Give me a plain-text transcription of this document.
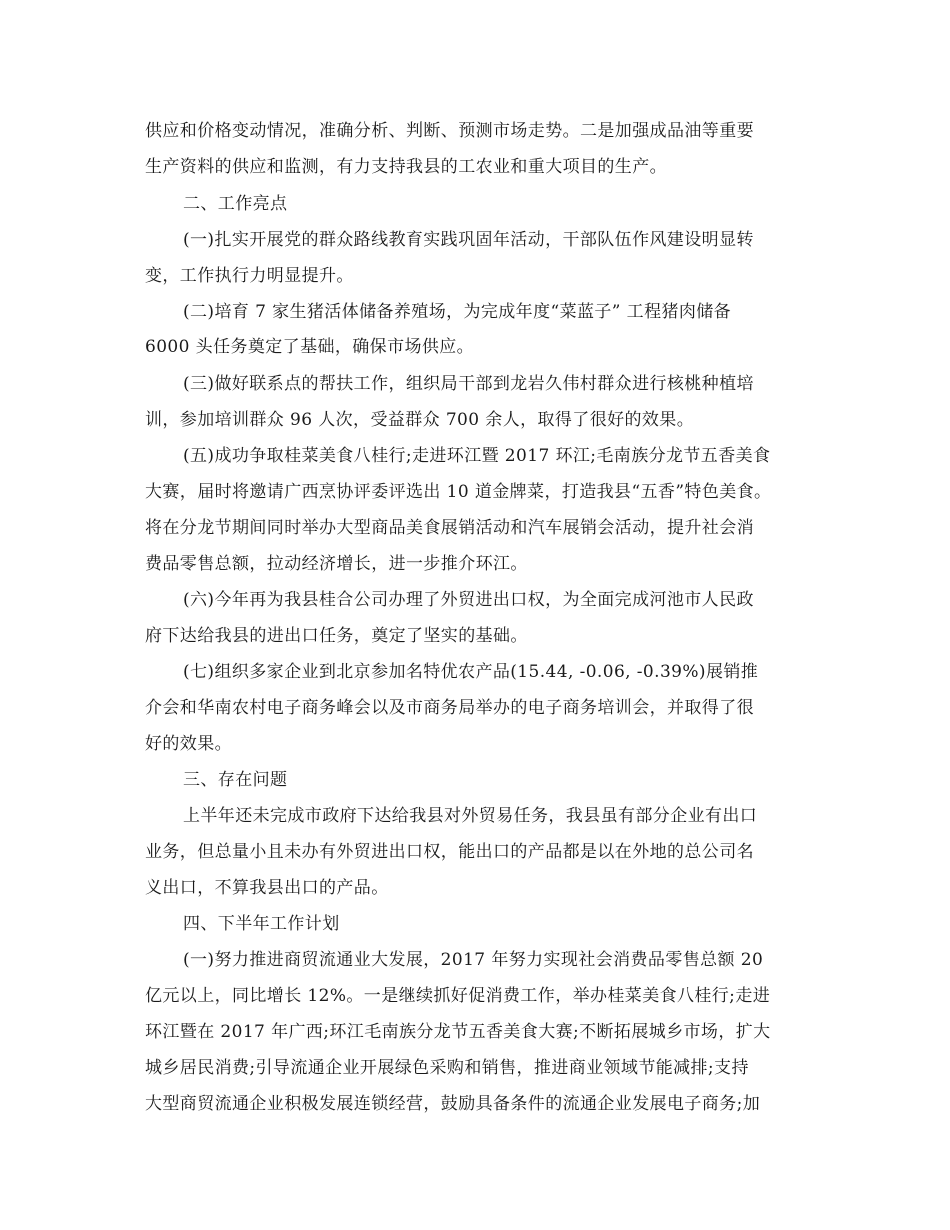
供应和价格变动情况，准确分析、判断、预测市场走势。二是加强成品油等重要
生产资料的供应和监测，有力支持我县的工农业和重大项目的生产。
二、工作亮点
(一)扎实开展党的群众路线教育实践巩固年活动，干部队伍作风建设明显转
变，工作执行力明显提升。
(二)培育 7 家生猪活体储备养殖场，为完成年度“菜蓝子” 工程猪肉储备
6000 头任务奠定了基础，确保市场供应。
(三)做好联系点的帮扶工作，组织局干部到龙岩久伟村群众进行核桃种植培
训，参加培训群众 96 人次，受益群众 700 余人，取得了很好的效果。
(五)成功争取桂菜美食八桂行;走进环江暨 2017 环江;毛南族分龙节五香美食
大赛，届时将邀请广西烹协评委评选出 10 道金牌菜，打造我县“五香”特色美食。
将在分龙节期间同时举办大型商品美食展销活动和汽车展销会活动，提升社会消
费品零售总额，拉动经济增长，进一步推介环江。
(六)今年再为我县桂合公司办理了外贸进出口权，为全面完成河池市人民政
府下达给我县的进出口任务，奠定了坚实的基础。
(七)组织多家企业到北京参加名特优农产品(15.44, -0.06, -0.39%)展销推
介会和华南农村电子商务峰会以及市商务局举办的电子商务培训会，并取得了很
好的效果。
三、存在问题
上半年还未完成市政府下达给我县对外贸易任务，我县虽有部分企业有出口
业务，但总量小且未办有外贸进出口权，能出口的产品都是以在外地的总公司名
义出口，不算我县出口的产品。
四、下半年工作计划
(一)努力推进商贸流通业大发展，2017 年努力实现社会消费品零售总额 20
亿元以上，同比增长 12%。一是继续抓好促消费工作，举办桂菜美食八桂行;走进
环江暨在 2017 年广西;环江毛南族分龙节五香美食大赛;不断拓展城乡市场，扩大
城乡居民消费;引导流通企业开展绿色采购和销售，推进商业领域节能减排;支持
大型商贸流通企业积极发展连锁经营，鼓励具备条件的流通企业发展电子商务;加
